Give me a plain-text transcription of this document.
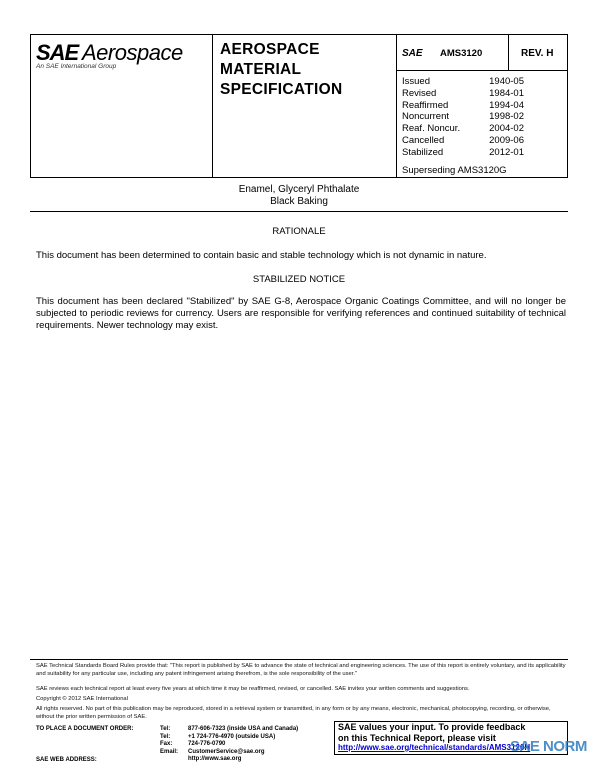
SAE Aerospace
An SAE International Group
AEROSPACE
MATERIAL
SPECIFICATION
SAE AMS3120	REV. H
Issued	1940-05
Revised	1984-01
Reaffirmed	1994-04
Noncurrent	1998-02
Reaf. Noncur.	2004-02
Cancelled	2009-06
Stabilized	2012-01
Superseding AMS3120G
Enamel, Glyceryl Phthalate
Black Baking
RATIONALE
This document has been determined to contain basic and stable technology which is not dynamic in nature.
STABILIZED NOTICE
This document has been declared "Stabilized" by SAE G-8, Aerospace Organic Coatings Committee, and will no longer be subjected to periodic reviews for currency. Users are responsible for verifying references and continued suitability of technical requirements. Newer technology may exist.
SAE Technical Standards Board Rules provide that: "This report is published by SAE to advance the state of technical and engineering sciences. The use of this report is entirely voluntary, and its applicability and suitability for any particular use, including any patent infringement arising therefrom, is the sole responsibility of the user."
SAE reviews each technical report at least every five years at which time it may be reaffirmed, revised, or cancelled. SAE invites your written comments and suggestions.
Copyright © 2012 SAE International
All rights reserved. No part of this publication may be reproduced, stored in a retrieval system or transmitted, in any form or by any means, electronic, mechanical, photocopying, recording, or otherwise, without the prior written permission of SAE.
TO PLACE A DOCUMENT ORDER:
SAE WEB ADDRESS:
Tel:	877-606-7323 (inside USA and Canada)
Tel:	+1 724-776-4970 (outside USA)
Fax:	724-776-0790
Email: CustomerService@sae.org
http://www.sae.org
SAE values your input. To provide feedback
on this Technical Report, please visit
http://www.sae.org/technical/standards/AMS3120H
SAE NORM
